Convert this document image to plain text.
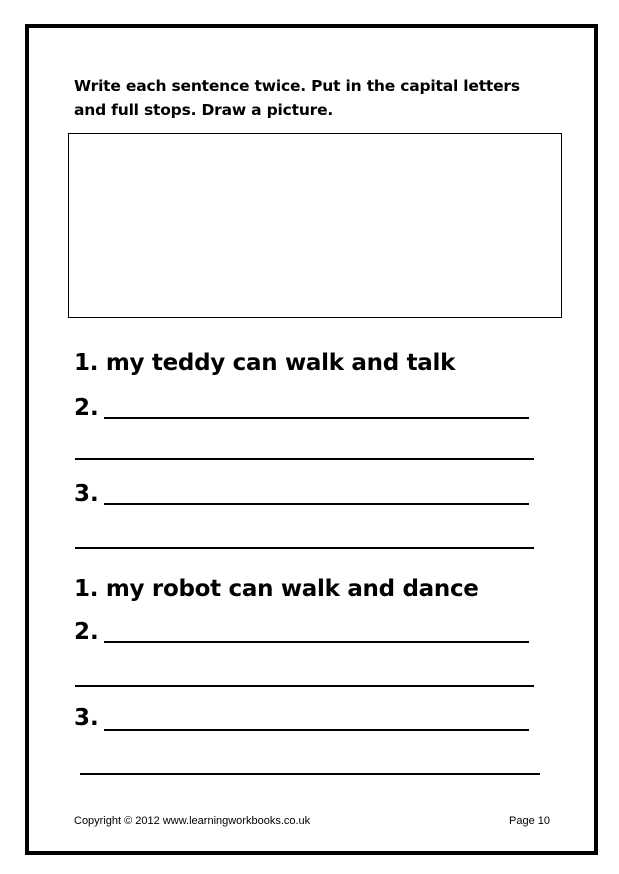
Write each sentence twice. Put in the capital letters and full stops. Draw a picture.
1. my teddy can walk and talk
2.
3.
1. my robot can walk and dance
2.
3.
Copyright © 2012 www.learningworkbooks.co.uk	Page 10
